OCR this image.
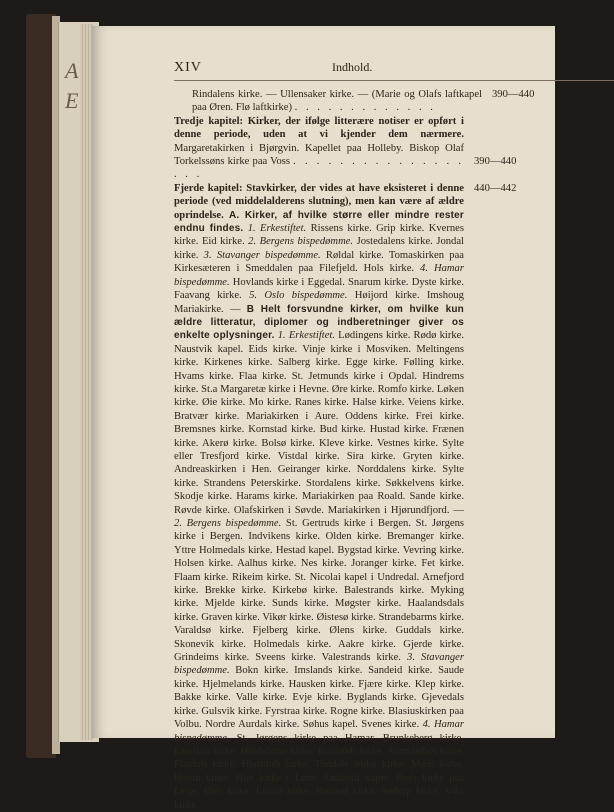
A
E
XIV	Indhold.
Rindalens kirke. — Ullensaker kirke. — (Marie og Olafs laftkapel paa Øren. Flø laftkirke) . . . . . . . . . . . . .
390—440
Tredje kapitel: Kirker, der ifølge litterære notiser er opført i denne periode, uden at vi kjender dem nærmere. Margaretakirken i Bjørgvin. Kapellet paa Holleby. Biskop Olaf Torkelssøns kirke paa Voss . . . . . . . . . . . . . . . . . .
390—440
Fjerde kapitel: Stavkirker, der vides at have eksisteret i denne periode (ved middelalderens slutning), men kan være af ældre oprindelse. A. Kirker, af hvilke større eller mindre rester endnu findes. 1. Erkestiftet. Rissens kirke. Grip kirke. Kvernes kirke. Eid kirke. 2. Bergens bispedømme. Jostedalens kirke. Jondal kirke. 3. Stavanger bispedømme. Røldal kirke. Tomaskirken paa Kirkesæteren i Smeddalen paa Filefjeld. Hols kirke. 4. Hamar bispedømme. Hovlands kirke i Eggedal. Snarum kirke. Dyste kirke. Faavang kirke. 5. Oslo bispedømme. Høijord kirke. Imshoug Mariakirke. — B Helt forsvundne kirker, om hvilke kun ældre litteratur, diplomer og indberetninger giver os enkelte oplysninger. 1. Erkestiftet. Lødingens kirke. Rødø kirke. Naustvik kapel. Eids kirke. Vinje kirke i Mosviken. Meltingens kirke. Kirkenes kirke. Salberg kirke. Egge kirke. Følling kirke. Hvams kirke. Flaa kirke. St. Jetmunds kirke i Opdal. Hindrems kirke. St.a Margaretæ kirke i Hevne. Øre kirke. Romfo kirke. Løken kirke. Øie kirke. Mo kirke. Ranes kirke. Halse kirke. Veiens kirke. Bratvær kirke. Mariakirken i Aure. Oddens kirke. Frei kirke. Bremsnes kirke. Kornstad kirke. Bud kirke. Hustad kirke. Frænen kirke. Akerø kirke. Bolsø kirke. Kleve kirke. Vestnes kirke. Sylte eller Tresfjord kirke. Vistdal kirke. Sira kirke. Gryten kirke. Andreaskirken i Hen. Geiranger kirke. Norddalens kirke. Sylte kirke. Strandens Peterskirke. Stordalens kirke. Søkkelvens kirke. Skodje kirke. Harams kirke. Mariakirken paa Roald. Sande kirke. Røvde kirke. Olafskirken i Søvde. Mariakirken i Hjørundfjord. — 2. Bergens bispedømme. St. Gertruds kirke i Bergen. St. Jørgens kirke i Bergen. Indvikens kirke. Olden kirke. Bremanger kirke. Yttre Holmedals kirke. Hestad kapel. Bygstad kirke. Vevring kirke. Holsen kirke. Aalhus kirke. Nes kirke. Joranger kirke. Fet kirke. Flaam kirke. Rikeim kirke. St. Nicolai kapel i Undredal. Arnefjord kirke. Brekke kirke. Kirkebø kirke. Balestrands kirke. Myking kirke. Mjelde kirke. Sunds kirke. Møgster kirke. Haalandsdals kirke. Graven kirke. Vikør kirke. Øistesø kirke. Strandebarms kirke. Varaldsø kirke. Fjelberg kirke. Ølens kirke. Guddals kirke. Skonevik kirke. Holmedals kirke. Aakre kirke. Gjerde kirke. Grindeims kirke. Sveens kirke. Valestrands kirke. 3. Stavanger bispedømme. Bokn kirke. Imslands kirke. Sandeid kirke. Saude kirke. Hjelmelands kirke. Hausken kirke. Fjære kirke. Klep kirke. Bakke kirke. Valle kirke. Evje kirke. Byglands kirke. Gjevedals kirke. Gulsvik kirke. Fyrstraa kirke. Rogne kirke. Blasiuskirken paa Volbu. Nordre Aurdals kirke. Søhus kapel. Svenes kirke. 4. Hamar bispedømme. St. Jørgens kirke paa Hamar. Brunkeberg kirke. Laardals kirke. Høidalsmo kirke. Raulands kirke. Aamotsdals kirke. Flatdals kirke. Hjartdals kirke. Tuddals ældre kirke. Mæls kirke. Hovin kirke. Hov kirke i Lom. Andvord kapel. Hofs kirke paa Lesje. Øier kirke. Listad kirke. Rolstad kirke. Sødorp kirke. Viks kirke.
440—442
